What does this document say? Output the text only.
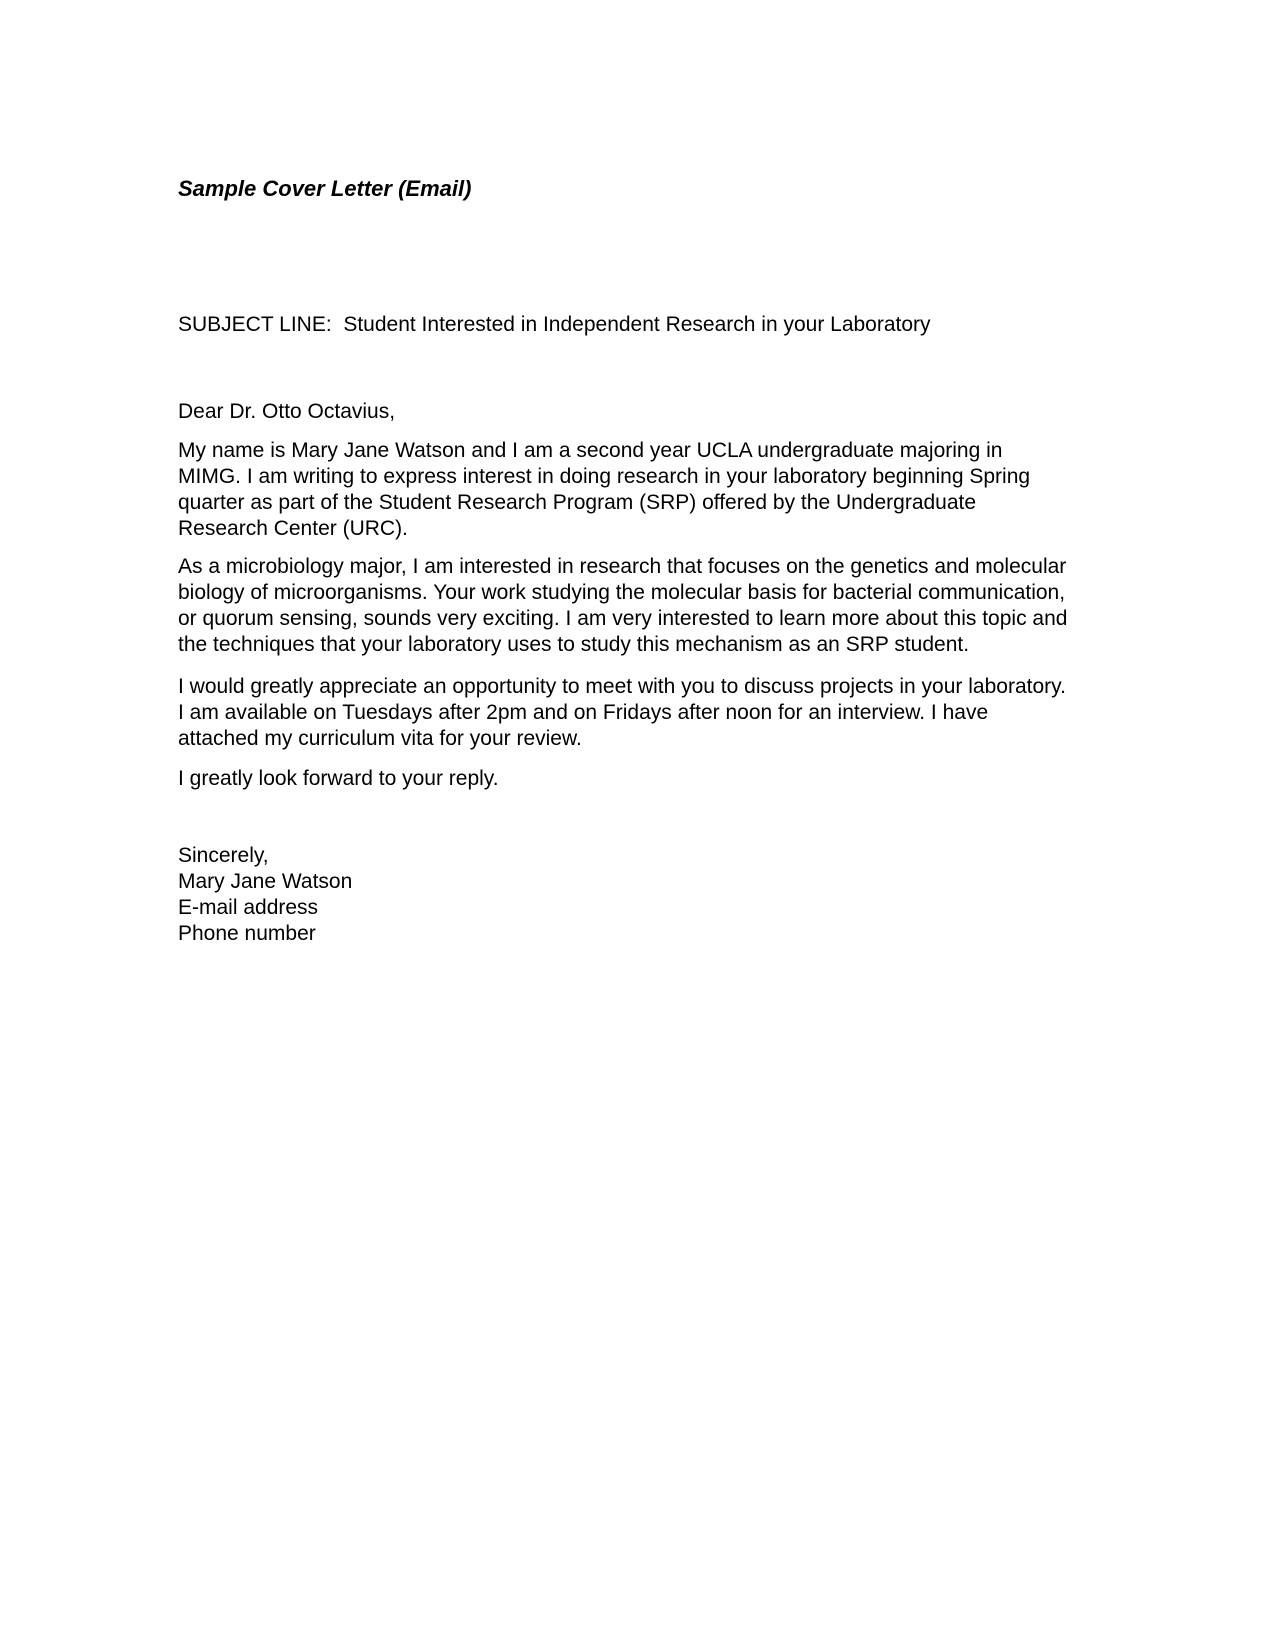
Sample Cover Letter (Email)

SUBJECT LINE:  Student Interested in Independent Research in your Laboratory

Dear Dr. Otto Octavius,

My name is Mary Jane Watson and I am a second year UCLA undergraduate majoring in MIMG. I am writing to express interest in doing research in your laboratory beginning Spring quarter as part of the Student Research Program (SRP) offered by the Undergraduate Research Center (URC).

As a microbiology major, I am interested in research that focuses on the genetics and molecular biology of microorganisms. Your work studying the molecular basis for bacterial communication, or quorum sensing, sounds very exciting. I am very interested to learn more about this topic and the techniques that your laboratory uses to study this mechanism as an SRP student.

I would greatly appreciate an opportunity to meet with you to discuss projects in your laboratory. I am available on Tuesdays after 2pm and on Fridays after noon for an interview. I have attached my curriculum vita for your review.

I greatly look forward to your reply.

Sincerely,

Mary Jane Watson

E-mail address

Phone number
